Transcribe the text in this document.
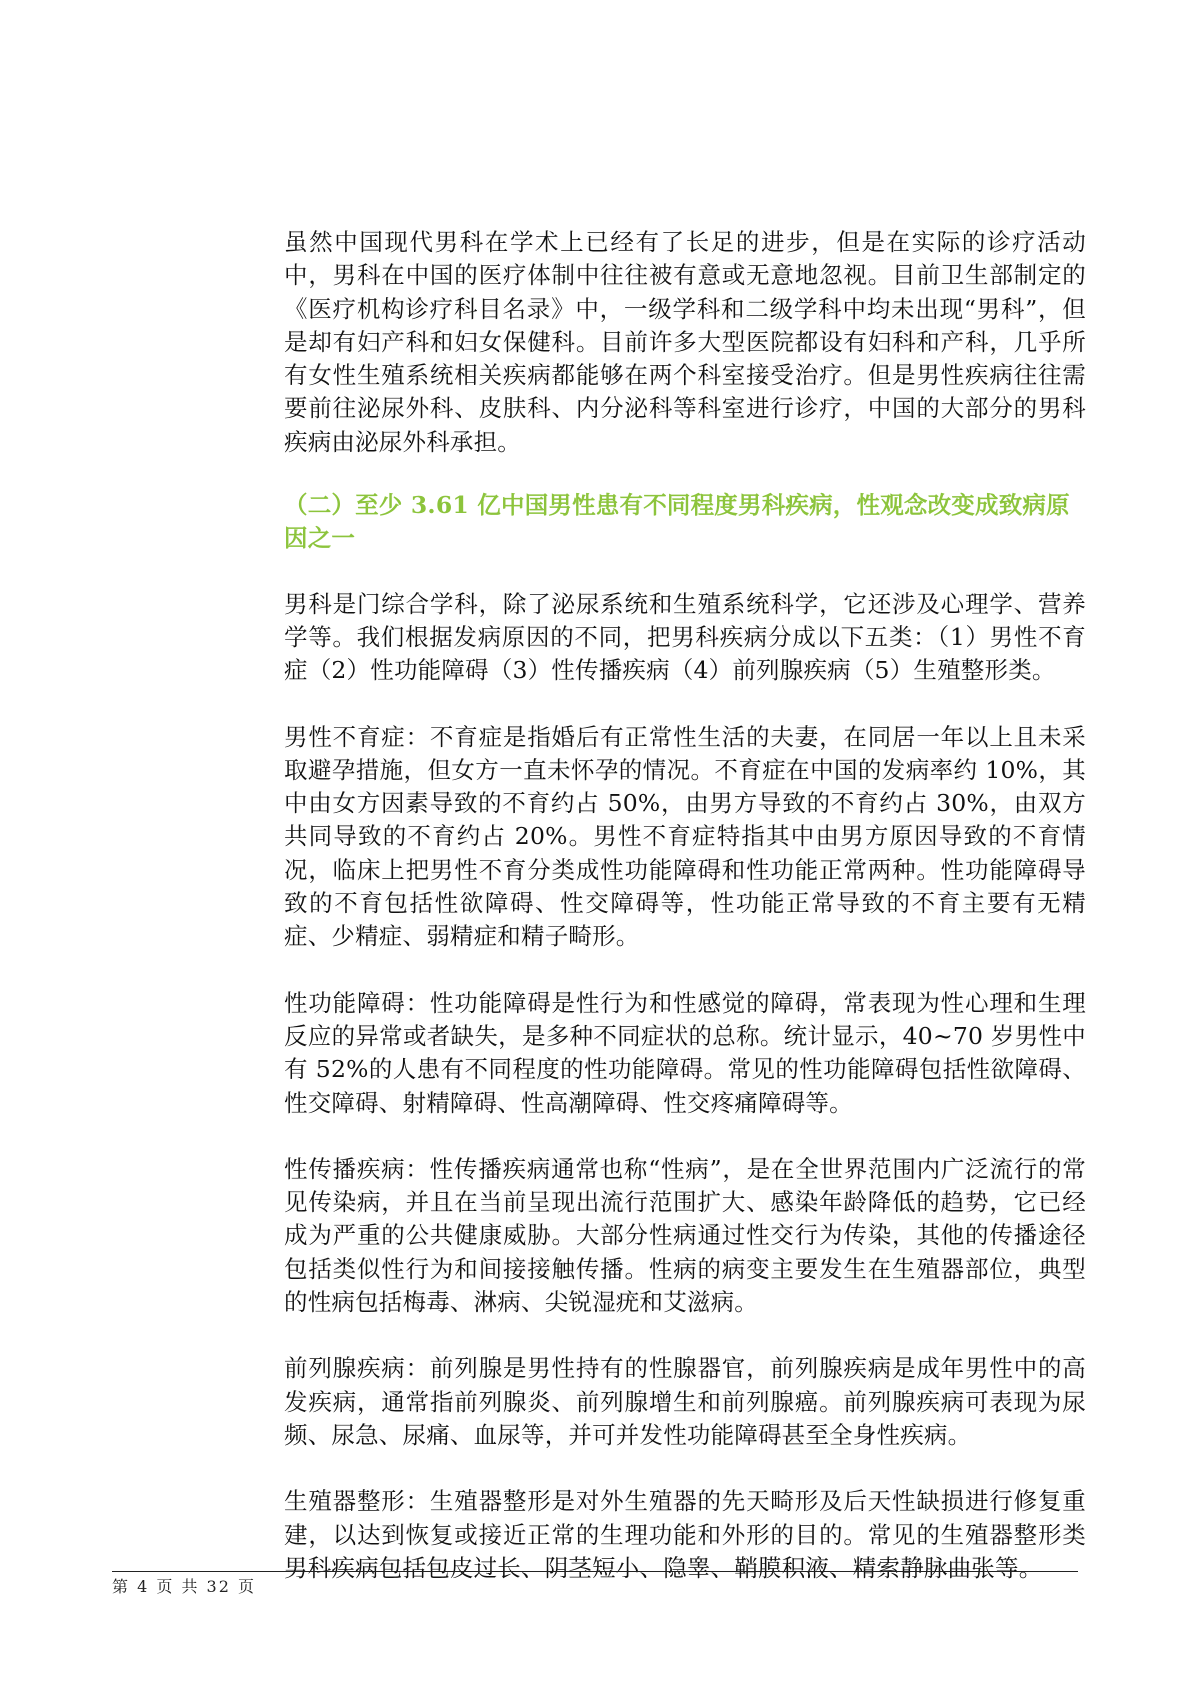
虽然中国现代男科在学术上已经有了长足的进步，但是在实际的诊疗活动中，男科在中国的医疗体制中往往被有意或无意地忽视。目前卫生部制定的《医疗机构诊疗科目名录》中，一级学科和二级学科中均未出现“男科”，但是却有妇产科和妇女保健科。目前许多大型医院都设有妇科和产科，几乎所有女性生殖系统相关疾病都能够在两个科室接受治疗。但是男性疾病往往需要前往泌尿外科、皮肤科、内分泌科等科室进行诊疗，中国的大部分的男科疾病由泌尿外科承担。

（二）至少 3.61 亿中国男性患有不同程度男科疾病，性观念改变成致病原因之一

男科是门综合学科，除了泌尿系统和生殖系统科学，它还涉及心理学、营养学等。我们根据发病原因的不同，把男科疾病分成以下五类：（1）男性不育症（2）性功能障碍（3）性传播疾病（4）前列腺疾病（5）生殖整形类。

男性不育症：不育症是指婚后有正常性生活的夫妻，在同居一年以上且未采取避孕措施，但女方一直未怀孕的情况。不育症在中国的发病率约 10%，其中由女方因素导致的不育约占 50%，由男方导致的不育约占 30%，由双方共同导致的不育约占 20%。男性不育症特指其中由男方原因导致的不育情况，临床上把男性不育分类成性功能障碍和性功能正常两种。性功能障碍导致的不育包括性欲障碍、性交障碍等，性功能正常导致的不育主要有无精症、少精症、弱精症和精子畸形。

性功能障碍：性功能障碍是性行为和性感觉的障碍，常表现为性心理和生理反应的异常或者缺失，是多种不同症状的总称。统计显示，40~70 岁男性中有 52%的人患有不同程度的性功能障碍。常见的性功能障碍包括性欲障碍、性交障碍、射精障碍、性高潮障碍、性交疼痛障碍等。

性传播疾病：性传播疾病通常也称“性病”，是在全世界范围内广泛流行的常见传染病，并且在当前呈现出流行范围扩大、感染年龄降低的趋势，它已经成为严重的公共健康威胁。大部分性病通过性交行为传染，其他的传播途径包括类似性行为和间接接触传播。性病的病变主要发生在生殖器部位，典型的性病包括梅毒、淋病、尖锐湿疣和艾滋病。

前列腺疾病：前列腺是男性持有的性腺器官，前列腺疾病是成年男性中的高发疾病，通常指前列腺炎、前列腺增生和前列腺癌。前列腺疾病可表现为尿频、尿急、尿痛、血尿等，并可并发性功能障碍甚至全身性疾病。

生殖器整形：生殖器整形是对外生殖器的先天畸形及后天性缺损进行修复重建，以达到恢复或接近正常的生理功能和外形的目的。常见的生殖器整形类男科疾病包括包皮过长、阴茎短小、隐睾、鞘膜积液、精索静脉曲张等。

第 4 页 共 32 页
